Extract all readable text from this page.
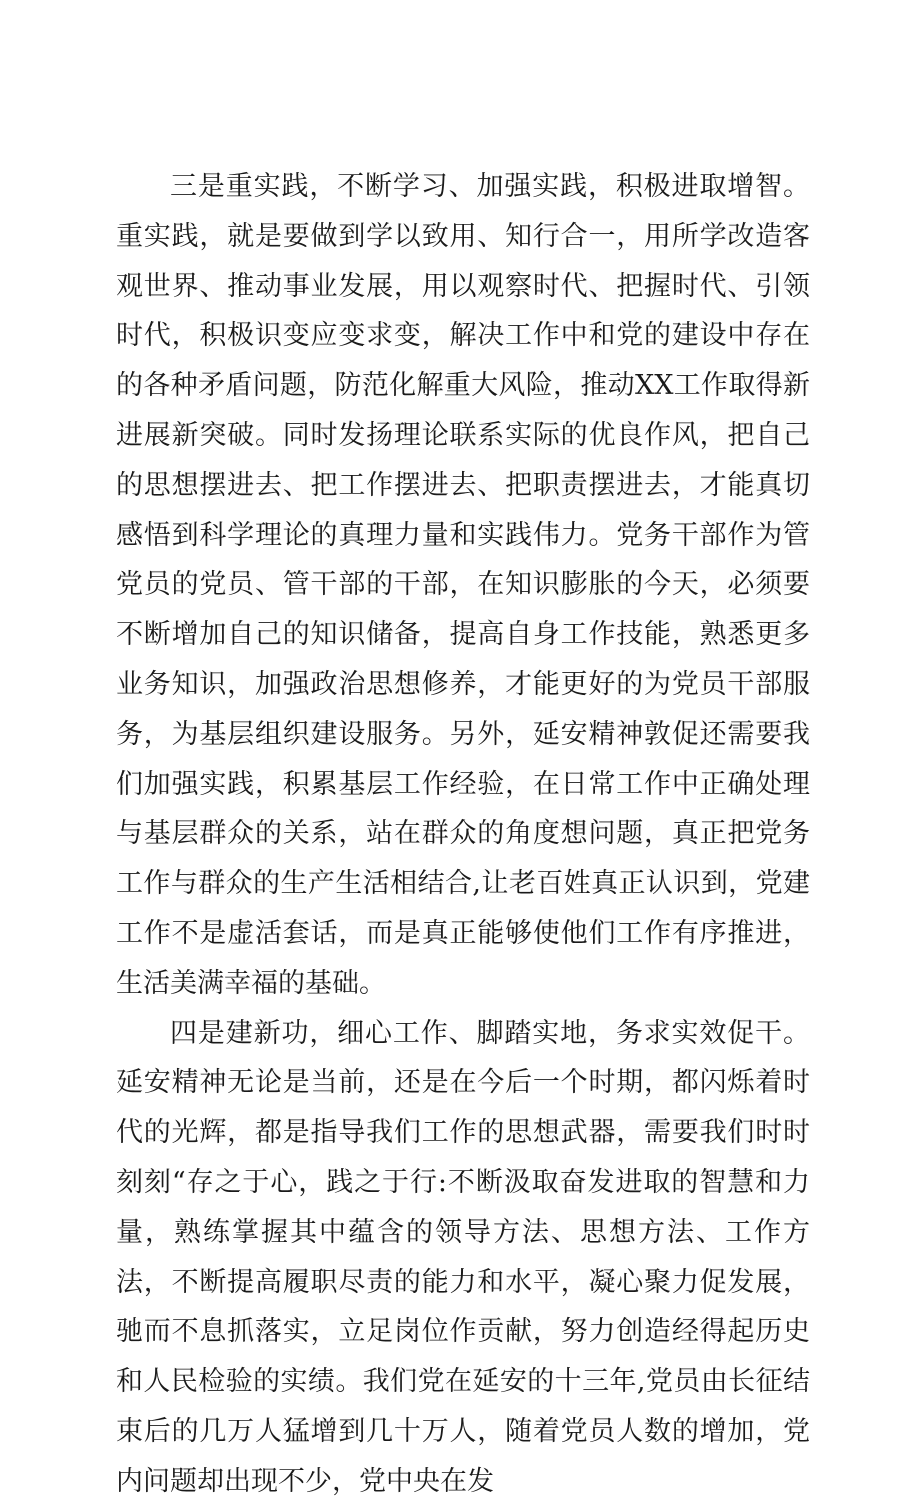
三是重实践，不断学习、加强实践，积极进取增智。重实践，就是要做到学以致用、知行合一，用所学改造客观世界、推动事业发展，用以观察时代、把握时代、引领时代，积极识变应变求变，解决工作中和党的建设中存在的各种矛盾问题，防范化解重大风险，推动XX工作取得新进展新突破。同时发扬理论联系实际的优良作风，把自己的思想摆进去、把工作摆进去、把职责摆进去，才能真切感悟到科学理论的真理力量和实践伟力。党务干部作为管党员的党员、管干部的干部，在知识膨胀的今天，必须要不断增加自己的知识储备，提高自身工作技能，熟悉更多业务知识，加强政治思想修养，才能更好的为党员干部服务，为基层组织建设服务。另外，延安精神敦促还需要我们加强实践，积累基层工作经验，在日常工作中正确处理与基层群众的关系，站在群众的角度想问题，真正把党务工作与群众的生产生活相结合,让老百姓真正认识到，党建工作不是虚活套话，而是真正能够使他们工作有序推进，生活美满幸福的基础。

四是建新功，细心工作、脚踏实地，务求实效促干。延安精神无论是当前，还是在今后一个时期，都闪烁着时代的光辉，都是指导我们工作的思想武器，需要我们时时刻刻“存之于心，践之于行:不断汲取奋发进取的智慧和力量，熟练掌握其中蕴含的领导方法、思想方法、工作方法，不断提高履职尽责的能力和水平，凝心聚力促发展，驰而不息抓落实，立足岗位作贡献，努力创造经得起历史和人民检验的实绩。我们党在延安的十三年,党员由长征结束后的几万人猛增到几十万人，随着党员人数的增加，党内问题却出现不少，党中央在发
